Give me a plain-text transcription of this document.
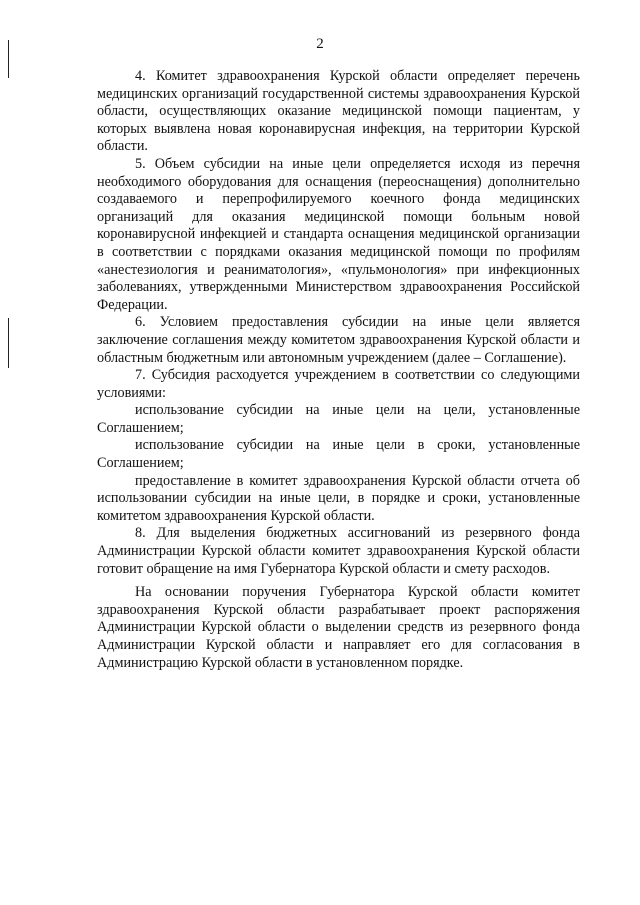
2

4. Комитет здравоохранения Курской области определяет перечень медицинских организаций государственной системы здравоохранения Курской области, осуществляющих оказание медицинской помощи пациентам, у которых выявлена новая коронавирусная инфекция, на территории Курской области.

5. Объем субсидии на иные цели определяется исходя из перечня необходимого оборудования для оснащения (переоснащения) дополнительно создаваемого и перепрофилируемого коечного фонда медицинских организаций для оказания медицинской помощи больным новой коронавирусной инфекцией и стандарта оснащения медицинской организации в соответствии с порядками оказания медицинской помощи по профилям «анестезиология и реаниматология», «пульмонология» при инфекционных заболеваниях, утвержденными Министерством здравоохранения Российской Федерации.

6. Условием предоставления субсидии на иные цели является заключение соглашения между комитетом здравоохранения Курской области и областным бюджетным или автономным учреждением (далее – Соглашение).

7. Субсидия расходуется учреждением в соответствии со следующими условиями:

использование субсидии на иные цели на цели, установленные Соглашением;

использование субсидии на иные цели в сроки, установленные Соглашением;

предоставление в комитет здравоохранения Курской области отчета об использовании субсидии на иные цели, в порядке и сроки, установленные комитетом здравоохранения Курской области.

8. Для выделения бюджетных ассигнований из резервного фонда Администрации Курской области комитет здравоохранения Курской области готовит обращение на имя Губернатора Курской области и смету расходов.

На основании поручения Губернатора Курской области комитет здравоохранения Курской области разрабатывает проект распоряжения Администрации Курской области о выделении средств из резервного фонда Администрации Курской области и направляет его для согласования в Администрацию Курской области в установленном порядке.
